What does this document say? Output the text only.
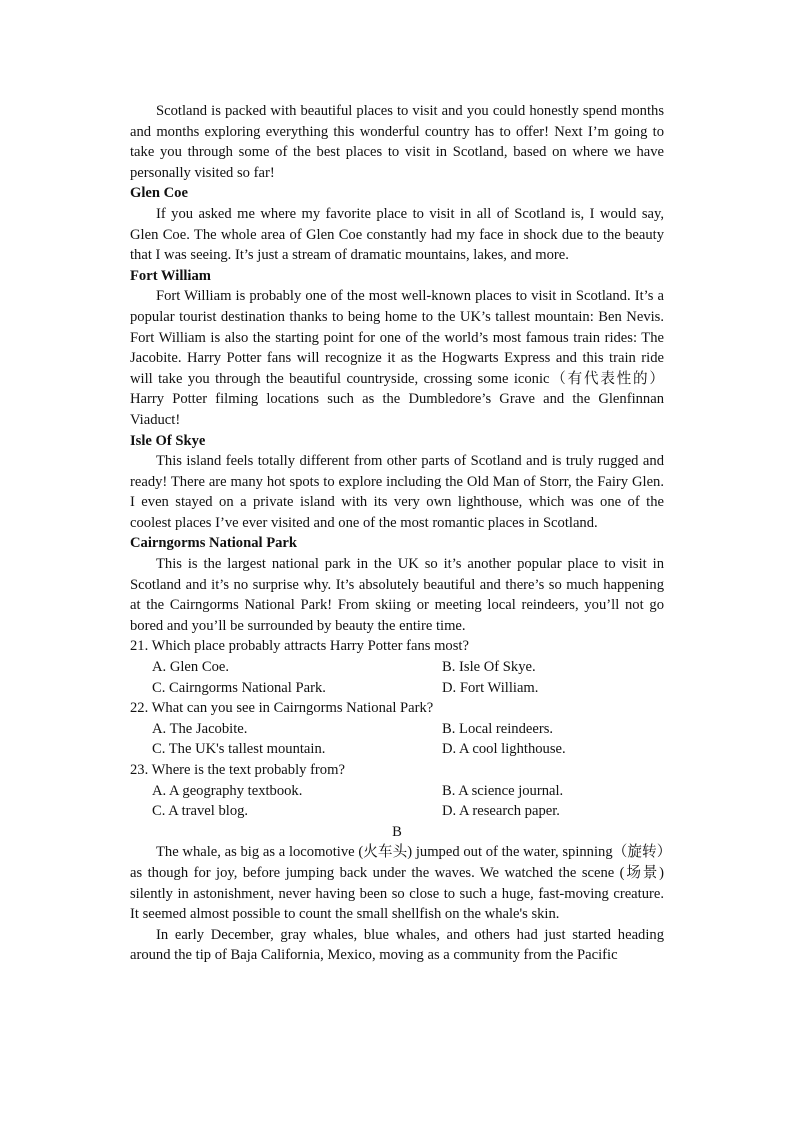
Scotland is packed with beautiful places to visit and you could honestly spend months and months exploring everything this wonderful country has to offer! Next I’m going to take you through some of the best places to visit in Scotland, based on where we have personally visited so far!

Glen Coe

If you asked me where my favorite place to visit in all of Scotland is, I would say, Glen Coe. The whole area of Glen Coe constantly had my face in shock due to the beauty that I was seeing. It’s just a stream of dramatic mountains, lakes, and more.

Fort William

Fort William is probably one of the most well-known places to visit in Scotland. It’s a popular tourist destination thanks to being home to the UK’s tallest mountain: Ben Nevis. Fort William is also the starting point for one of the world’s most famous train rides: The Jacobite. Harry Potter fans will recognize it as the Hogwarts Express and this train ride will take you through the beautiful countryside, crossing some iconic（有代表性的） Harry Potter filming locations such as the Dumbledore’s Grave and the Glenfinnan Viaduct!

Isle Of Skye

This island feels totally different from other parts of Scotland and is truly rugged and ready! There are many hot spots to explore including the Old Man of Storr, the Fairy Glen. I even stayed on a private island with its very own lighthouse, which was one of the coolest places I’ve ever visited and one of the most romantic places in Scotland.

Cairngorms National Park

This is the largest national park in the UK so it’s another popular place to visit in Scotland and it’s no surprise why. It’s absolutely beautiful and there’s so much happening at the Cairngorms National Park! From skiing or meeting local reindeers, you’ll not go bored and you’ll be surrounded by beauty the entire time.

21. Which place probably attracts Harry Potter fans most?

A. Glen Coe.	B. Isle Of Skye.
C. Cairngorms National Park.	D. Fort William.

22. What can you see in Cairngorms National Park?

A. The Jacobite.	B. Local reindeers.
C. The UK's tallest mountain.	D. A cool lighthouse.

23. Where is the text probably from?

A. A geography textbook.	B. A science journal.
C. A travel blog.	D. A research paper.

B

The whale, as big as a locomotive (火车头) jumped out of the water, spinning（旋转）as though for joy, before jumping back under the waves. We watched the scene (场景) silently in astonishment, never having been so close to such a huge, fast-moving creature. It seemed almost possible to count the small shellfish on the whale's skin.

In early December, gray whales, blue whales, and others had just started heading around the tip of Baja California, Mexico, moving as a community from the Pacific
